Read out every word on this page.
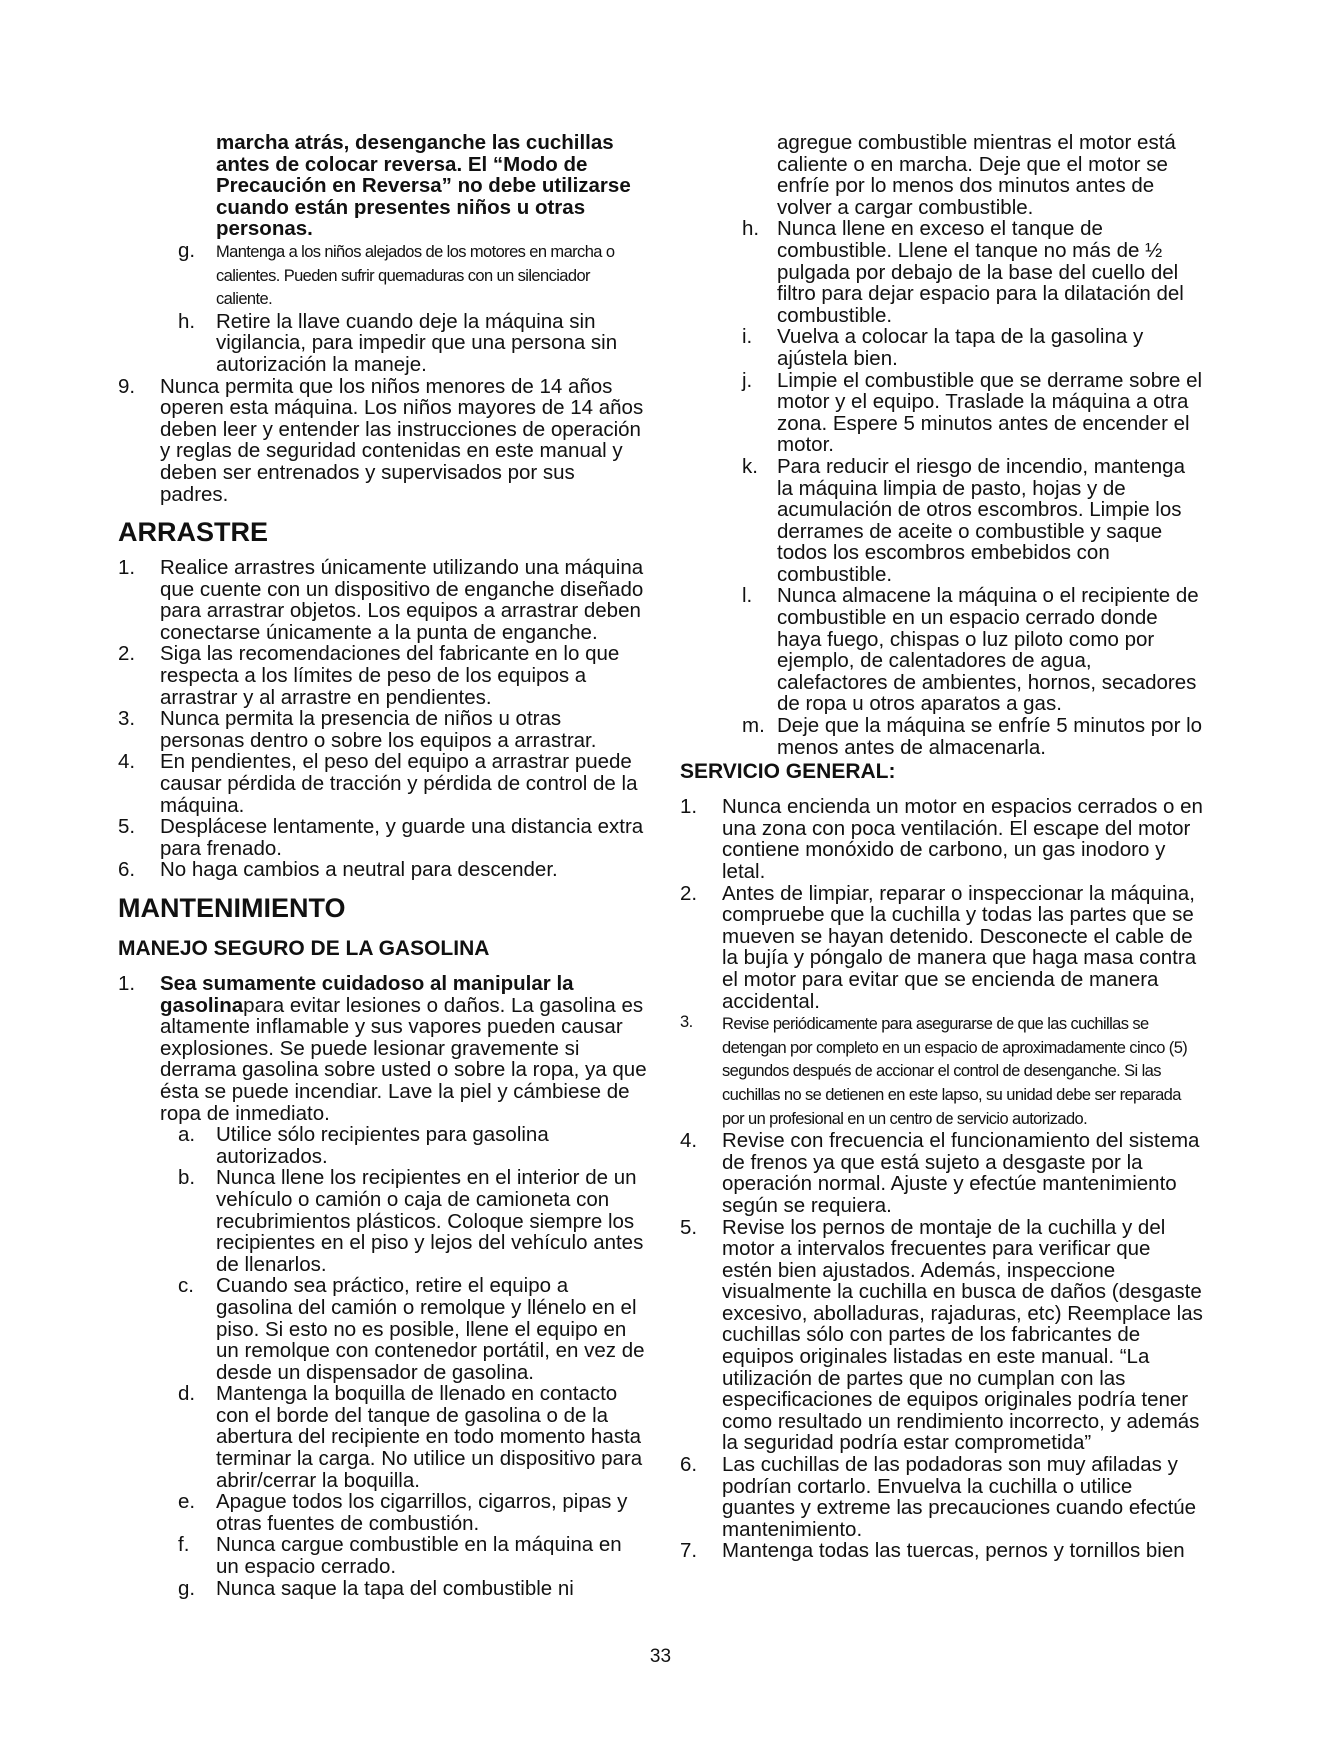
marcha atrás, desenganche las cuchillas antes de colocar reversa. El “Modo de Precaución en Reversa” no debe utilizarse cuando están presentes niños u otras personas.

g. Mantenga a los niños alejados de los motores en marcha o calientes. Pueden sufrir quemaduras con un silenciador caliente.

h. Retire la llave cuando deje la máquina sin vigilancia, para impedir que una persona sin autorización la maneje.

9. Nunca permita que los niños menores de 14 años operen esta máquina. Los niños mayores de 14 años deben leer y entender las instrucciones de operación y reglas de seguridad contenidas en este manual y deben ser entrenados y supervisados por sus padres.

ARRASTRE

1. Realice arrastres únicamente utilizando una máquina que cuente con un dispositivo de enganche diseñado para arrastrar objetos. Los equipos a arrastrar deben conectarse únicamente a la punta de enganche.

2. Siga las recomendaciones del fabricante en lo que respecta a los límites de peso de los equipos a arrastrar y al arrastre en pendientes.

3. Nunca permita la presencia de niños u otras personas dentro o sobre los equipos a arrastrar.

4. En pendientes, el peso del equipo a arrastrar puede causar pérdida de tracción y pérdida de control de la máquina.

5. Desplácese lentamente, y guarde una distancia extra para frenado.

6. No haga cambios a neutral para descender.

MANTENIMIENTO
MANEJO SEGURO DE LA GASOLINA

1. Sea sumamente cuidadoso al manipular la gasolinapara evitar lesiones o daños. La gasolina es altamente inflamable y sus vapores pueden causar explosiones. Se puede lesionar gravemente si derrama gasolina sobre usted o sobre la ropa, ya que ésta se puede incendiar. Lave la piel y cámbiese de ropa de inmediato.

a. Utilice sólo recipientes para gasolina autorizados.

b. Nunca llene los recipientes en el interior de un vehículo o camión o caja de camioneta con recubrimientos plásticos. Coloque siempre los recipientes en el piso y lejos del vehículo antes de llenarlos.

c. Cuando sea práctico, retire el equipo a gasolina del camión o remolque y llénelo en el piso. Si esto no es posible, llene el equipo en un remolque con contenedor portátil, en vez de desde un dispensador de gasolina.

d. Mantenga la boquilla de llenado en contacto con el borde del tanque de gasolina o de la abertura del recipiente en todo momento hasta terminar la carga. No utilice un dispositivo para abrir/cerrar la boquilla.

e. Apague todos los cigarrillos, cigarros, pipas y otras fuentes de combustión.

f. Nunca cargue combustible en la máquina en un espacio cerrado.

g. Nunca saque la tapa del combustible ni

agregue combustible mientras el motor está caliente o en marcha. Deje que el motor se enfríe por lo menos dos minutos antes de volver a cargar combustible.

h. Nunca llene en exceso el tanque de combustible. Llene el tanque no más de ½ pulgada por debajo de la base del cuello del filtro para dejar espacio para la dilatación del combustible.

i. Vuelva a colocar la tapa de la gasolina y ajústela bien.

j. Limpie el combustible que se derrame sobre el motor y el equipo. Traslade la máquina a otra zona. Espere 5 minutos antes de encender el motor.

k. Para reducir el riesgo de incendio, mantenga la máquina limpia de pasto, hojas y de acumulación de otros escombros. Limpie los derrames de aceite o combustible y saque todos los escombros embebidos con combustible.

l. Nunca almacene la máquina o el recipiente de combustible en un espacio cerrado donde haya fuego, chispas o luz piloto como por ejemplo, de calentadores de agua, calefactores de ambientes, hornos, secadores de ropa u otros aparatos a gas.

m. Deje que la máquina se enfríe 5 minutos por lo menos antes de almacenarla.

SERVICIO GENERAL:

1. Nunca encienda un motor en espacios cerrados o en una zona con poca ventilación. El escape del motor contiene monóxido de carbono, un gas inodoro y letal.

2. Antes de limpiar, reparar o inspeccionar la máquina, compruebe que la cuchilla y todas las partes que se mueven se hayan detenido. Desconecte el cable de la bujía y póngalo de manera que haga masa contra el motor para evitar que se encienda de manera accidental.

3. Revise periódicamente para asegurarse de que las cuchillas se detengan por completo en un espacio de aproximadamente cinco (5) segundos después de accionar el control de desenganche. Si las cuchillas no se detienen en este lapso, su unidad debe ser reparada por un profesional en un centro de servicio autorizado.

4. Revise con frecuencia el funcionamiento del sistema de frenos ya que está sujeto a desgaste por la operación normal. Ajuste y efectúe mantenimiento según se requiera.

5. Revise los pernos de montaje de la cuchilla y del motor a intervalos frecuentes para verificar que estén bien ajustados. Además, inspeccione visualmente la cuchilla en busca de daños (desgaste excesivo, abolladuras, rajaduras, etc) Reemplace las cuchillas sólo con partes de los fabricantes de equipos originales listadas en este manual. “La utilización de partes que no cumplan con las especificaciones de equipos originales podría tener como resultado un rendimiento incorrecto, y además la seguridad podría estar comprometida”

6. Las cuchillas de las podadoras son muy afiladas y podrían cortarlo. Envuelva la cuchilla o utilice guantes y extreme las precauciones cuando efectúe mantenimiento.

7. Mantenga todas las tuercas, pernos y tornillos bien

33
